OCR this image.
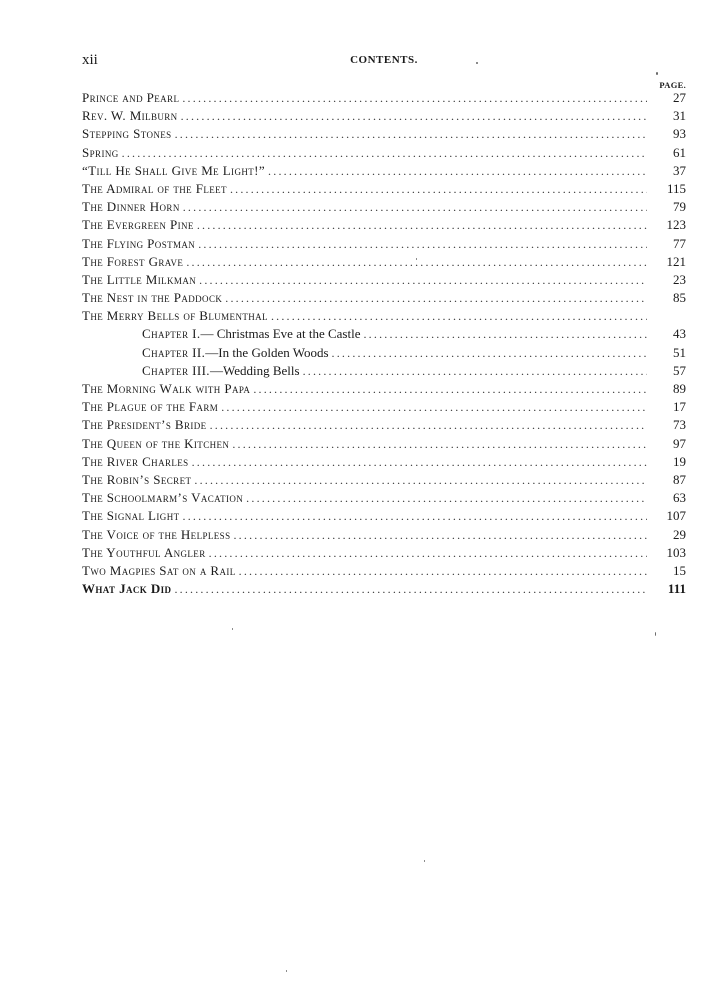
xii	CONTENTS.
PAGE.
Prince and Pearl .....	27
Rev. W. Milburn .....	31
Stepping Stones .....	93
Spring .....	61
“Till He Shall Give Me Light!” .....	37
The Admiral of the Fleet .....	115
The Dinner Horn .....	79
The Evergreen Pine .....	123
The Flying Postman .....	77
The Forest Grave .....	121
The Little Milkman .....	23
The Nest in the Paddock .....	85
The Merry Bells of Blumenthal
.....
Chapter I.— Christmas Eve at the Castle .....	43
Chapter II.—In the Golden Woods .....	51
Chapter III.—Wedding Bells .....	57
The Morning Walk with Papa .....	89
The Plague of the Farm .....	17
The President’s Bride .....	73
The Queen of the Kitchen .....	97
The River Charles .....	19
The Robin’s Secret .....	87
The Schoolmarm’s Vacation .....	63
The Signal Light .....	107
The Voice of the Helpless .....	29
The Youthful Angler .....	103
Two Magpies Sat on a Rail .....	15
What Jack Did .....	111
